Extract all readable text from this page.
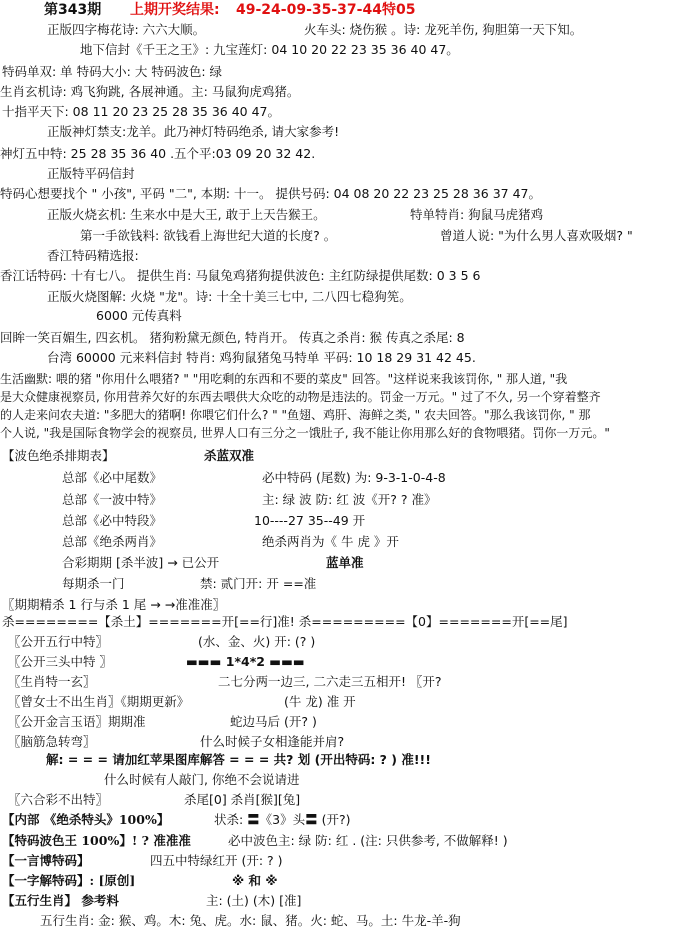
第343期 上期开奖结果: 49-24-09-35-37-44特05
正版四字梅花诗: 六六大顺。	火车头: 烧伤猴 。诗: 龙死羊伤, 狗胆第一天下知。
地下信封《千王之王》: 九宝莲灯: 04 10 20 22 23 35 36 40 47。
特码单双: 单 特码大小: 大 特码波色: 绿
生肖玄机诗: 鸡飞狗跳, 各展神通。主: 马鼠狗虎鸡猪。
十指平天下: 08 11 20 23 25 28 35 36 40 47。
正版神灯禁支:龙羊。此乃神灯特码绝杀, 请大家参考!
神灯五中特: 25 28 35 36 40 .五个平:03 09 20 32 42.
正版特平码信封
特码心想要找个 " 小孩", 平码 "二", 本期: 十一。 提供号码: 04 08 20 22 23 25 28 36 37 47。
正版火烧玄机: 生来水中是大王, 敢于上天告猴王。	特单特肖: 狗鼠马虎猪鸡
第一手欲钱料: 欲钱看上海世纪大道的长度? 。	曾道人说: "为什么男人喜欢吸烟? "
香江特码精选报:
香江话特码: 十有七八。 提供生肖: 马鼠兔鸡猪狗提供波色: 主红防绿提供尾数: 0 3 5 6
正版火烧图解: 火烧 "龙"。诗: 十全十美三七中, 二八四七稳狗筅。
6000 元传真料
回眸一笑百媚生, 四玄机。 猪狗粉黛无颜色, 特肖开。 传真之杀肖: 猴 传真之杀尾: 8
台湾 60000 元来料信封 特肖: 鸡狗鼠猪兔马特单 平码: 10 18 29 31 42 45.
生活幽默: 喂的猪 "你用什么喂猪? " "用吃剩的东西和不要的菜皮" 回答。"这样说来我该罚你, " 那人道, "我
是大众健康视察员, 你用营养欠好的东西去喂供大众吃的动物是违法的。罚金一万元。" 过了不久, 另一个穿着整齐
的人走来问农夫道: "多肥大的猪啊! 你喂它们什么? " "鱼翅、鸡肝、海鲜之类, " 农夫回答。"那么我该罚你, " 那
个人说, "我是国际食物学会的视察员, 世界人口有三分之一饿肚子, 我不能让你用那么好的食物喂猪。罚你一万元。"
【波色绝杀排期表】	杀蓝双准
总部《必中尾数》	必中特码 (尾数) 为: 9-3-1-0-4-8
总部《一波中特》	主: 绿 波 防: 红 波《开? ? 准》
总部《必中特段》	10----27 35--49 开
总部《绝杀两肖》	绝杀两肖为《 牛 虎 》开
合彩期期 [杀半波] → 已公开	蓝单准
每期杀一门	禁: 贰门开: 开 ==准
〖期期精杀 1 行与杀 1 尾 → →准准准〗
杀========【杀土】=======开[==行]准! 杀=========【0】=======开[==尾]
〖公开五行中特〗	(水、金、火) 开: (? )
〖公开三头中特 〗	▬▬▬ 1*4*2 ▬▬▬
〖生肖特一玄〗	二七分两一边三, 二六走三五相开! 〖开?
〖曾女士不出生肖〗《期期更新》	(牛 龙) 准 开
〖公开金言玉语〗期期准	蛇边马后 (开? )
〖脑筋急转弯〗	什么时候子女相逢能并肩?
解: = = = 请加红苹果图库解答 = = = 共? 划 (开出特码: ? ) 准!!!
什么时候有人敲门, 你绝不会说请进
〖六合彩不出特〗	杀尾[0] 杀肖[猴][兔]
【内部 《绝杀特头》100%】	状杀: 〓《3》头〓 (开?)
【特码波色王 100%】! ? 准准准	必中波色主: 绿 防: 红 . (注: 只供参考, 不做解释! )
【一言博特码】	四五中特绿红开 (开: ? )
【一字解特码】: [原创]	※ 和 ※
【五行生肖】 参考料	主: (土) (木) [准]
五行生肖: 金: 猴、鸡。木: 兔、虎。水: 鼠、猪。火: 蛇、马。土: 牛龙-羊-狗
